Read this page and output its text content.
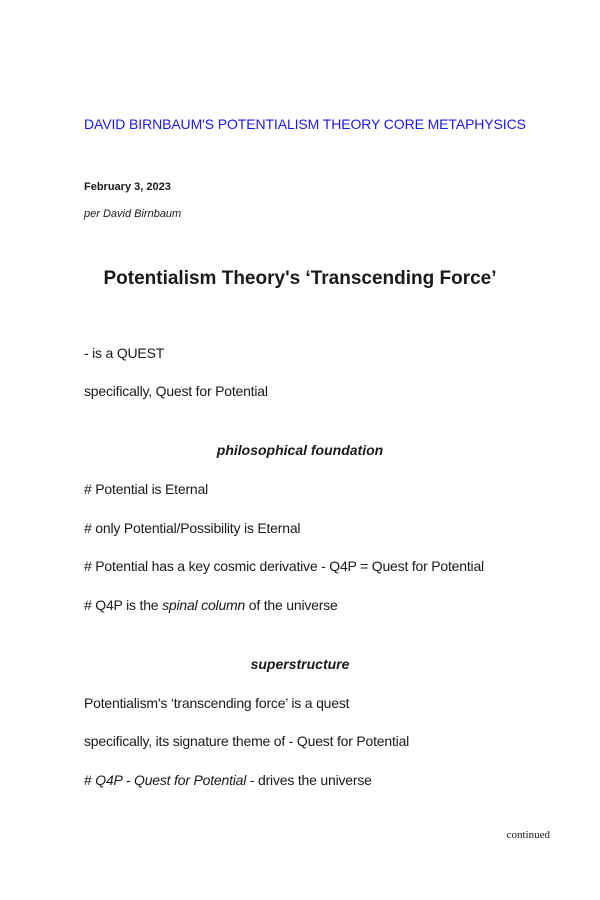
DAVID BIRNBAUM'S POTENTIALISM THEORY CORE METAPHYSICS
February 3, 2023
per David Birnbaum
Potentialism Theory's ‘Transcending Force’
- is a QUEST
specifically, Quest for Potential
philosophical foundation
# Potential is Eternal
# only Potential/Possibility is Eternal
# Potential has a key cosmic derivative - Q4P = Quest for Potential
# Q4P is the spinal column of the universe
superstructure
Potentialism's ‘transcending force’ is a quest
specifically, its signature theme of - Quest for Potential
# Q4P - Quest for Potential - drives the universe
continued
